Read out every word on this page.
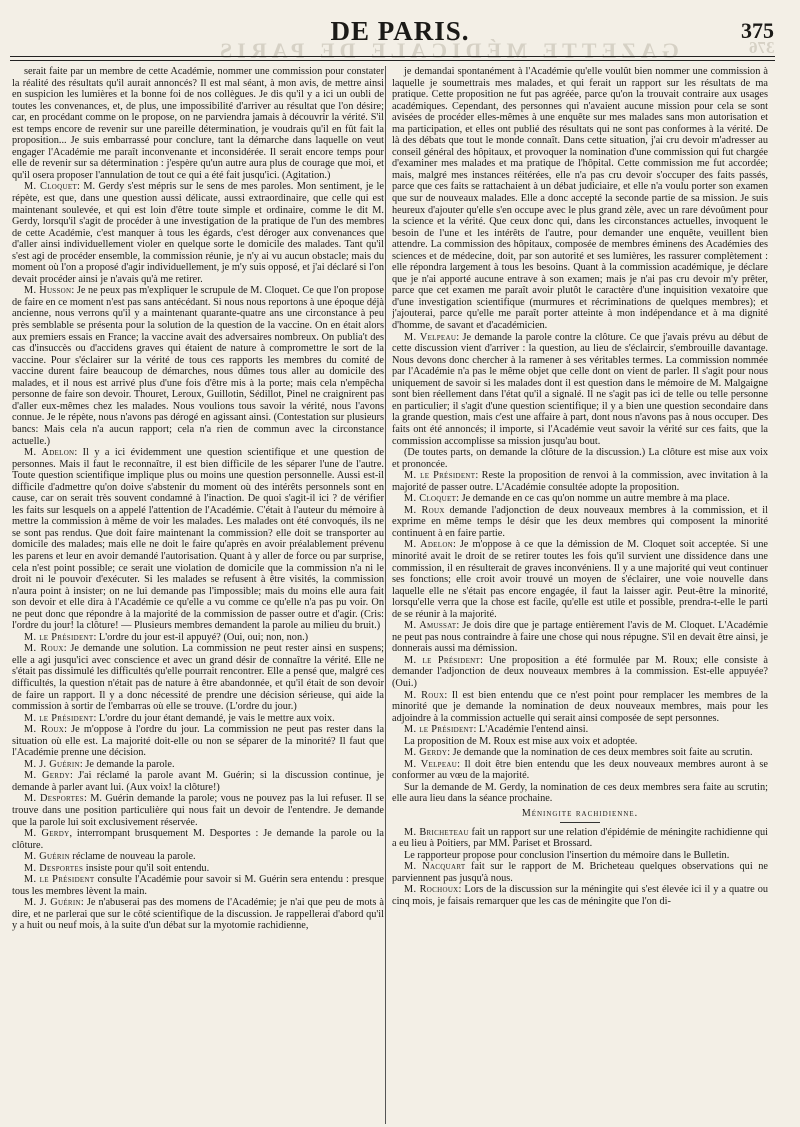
GAZETTE MÉDICALE DE PARIS	376
DE PARIS.	375

serait faite par un membre de cette Académie, nommer une commission pour constater la réalité des résultats qu'il aurait annoncés? Il est mal séant, à mon avis, de mettre ainsi en suspicion les lumières et la bonne foi de nos collègues. Je dis qu'il y a ici un oubli de toutes les convenances, et, de plus, une impossibilité d'arriver au résultat que l'on désire; car, en procédant comme on le propose, on ne parviendra jamais à découvrir la vérité. S'il est temps encore de revenir sur une pareille détermination, je voudrais qu'il en fût fait la proposition... Je suis embarrassé pour conclure, tant la démarche dans laquelle on veut engager l'Académie me paraît inconvenante et inconsidérée. Il serait encore temps pour elle de revenir sur sa détermination : j'espère qu'un autre aura plus de courage que moi, et qu'il osera proposer l'annulation de tout ce qui a été fait jusqu'ici. (Agitation.)

M. Cloquet: M. Gerdy s'est mépris sur le sens de mes paroles. Mon sentiment, je le répète, est que, dans une question aussi délicate, aussi extraordinaire, que celle qui est maintenant soulevée, et qui est loin d'être toute simple et ordinaire, comme le dit M. Gerdy, lorsqu'il s'agit de procéder à une investigation de la pratique de l'un des membres de cette Académie, c'est manquer à tous les égards, c'est déroger aux convenances que d'aller ainsi individuellement violer en quelque sorte le domicile des malades. Tant qu'il s'est agi de procéder ensemble, la commission réunie, je n'y ai vu aucun obstacle; mais du moment où l'on a proposé d'agir individuellement, je m'y suis opposé, et j'ai déclaré si l'on devait procéder ainsi je n'avais qu'à me retirer.

M. Husson: Je ne peux pas m'expliquer le scrupule de M. Cloquet. Ce que l'on propose de faire en ce moment n'est pas sans antécédant. Si nous nous reportons à une époque déjà ancienne, nous verrons qu'il y a maintenant quarante-quatre ans une circonstance à peu près semblable se présenta pour la solution de la question de la vaccine. On en était alors aux premiers essais en France; la vaccine avait des adversaires nombreux. On publia't des cas d'insuccès ou d'accidens graves qui étaient de nature à compromettre le sort de la vaccine. Pour s'éclairer sur la vérité de tous ces rapports les membres du comité de vaccine durent faire beaucoup de démarches, nous dûmes tous aller au domicile des malades, et il nous est arrivé plus d'une fois d'être mis à la porte; mais cela n'empêcha personne de faire son devoir. Thouret, Leroux, Guillotin, Sédillot, Pinel ne craignirent pas d'aller eux-mêmes chez les malades. Nous voulions tous savoir la vérité, nous l'avons connue. Je le répète, nous n'avons pas dérogé en agissant ainsi. (Contestation sur plusieurs bancs: Mais cela n'a aucun rapport; cela n'a rien de commun avec la circonstance actuelle.)

M. Adelon: Il y a ici évidemment une question scientifique et une question de personnes. Mais il faut le reconnaître, il est bien difficile de les séparer l'une de l'autre. Toute question scientifique implique plus ou moins une question personnelle. Aussi est-il difficile d'admettre qu'on doive s'abstenir du moment où des intérêts personnels sont en cause, car on serait très souvent condamné à l'inaction. De quoi s'agit-il ici ? de vérifier les faits sur lesquels on a appelé l'attention de l'Académie. C'était à l'auteur du mémoire à mettre la commission à même de voir les malades. Les malades ont été convoqués, ils ne se sont pas rendus. Que doit faire maintenant la commission? elle doit se transporter au domicile des malades; mais elle ne doit le faire qu'après en avoir préalablement prévenu les parens et leur en avoir demandé l'autorisation. Quant à y aller de force ou par surprise, cela n'est point possible; ce serait une violation de domicile que la commission n'a ni le droit ni le pouvoir d'exécuter. Si les malades se refusent à être visités, la commission n'aura point à insister; on ne lui demande pas l'impossible; mais du moins elle aura fait son devoir et elle dira à l'Académie ce qu'elle a vu comme ce qu'elle n'a pas pu voir. On ne peut donc que répondre à la majorité de la commission de passer outre et d'agir. (Cris: l'ordre du jour! la clôture! — Plusieurs membres demandent la parole au milieu du bruit.)

M. le Président: L'ordre du jour est-il appuyé? (Oui, oui; non, non.)

M. Roux: Je demande une solution. La commission ne peut rester ainsi en suspens; elle a agi jusqu'ici avec conscience et avec un grand désir de connaître la vérité. Elle ne s'était pas dissimulé les difficultés qu'elle pourrait rencontrer. Elle a pensé que, malgré ces difficultés, la question n'était pas de nature à être abandonnée, et qu'il était de son devoir de faire un rapport. Il y a donc nécessité de prendre une décision sérieuse, qui aide la commission à sortir de l'embarras où elle se trouve. (L'ordre du jour.)

M. le Président: L'ordre du jour étant demandé, je vais le mettre aux voix.

M. Roux: Je m'oppose à l'ordre du jour. La commission ne peut pas rester dans la situation où elle est. La majorité doit-elle ou non se séparer de la minorité? Il faut que l'Académie prenne une décision.

M. J. Guérin: Je demande la parole.

M. Gerdy: J'ai réclamé la parole avant M. Guérin; si la discussion continue, je demande à parler avant lui. (Aux voix! la clôture!)

M. Desportes: M. Guérin demande la parole; vous ne pouvez pas la lui refuser. Il se trouve dans une position particulière qui nous fait un devoir de l'entendre. Je demande que la parole lui soit exclusivement réservée.

M. Gerdy, interrompant brusquement M. Desportes : Je demande la parole ou la clôture.

M. Guérin réclame de nouveau la parole.

M. Desportes insiste pour qu'il soit entendu.

M. le Président consulte l'Académie pour savoir si M. Guérin sera entendu : presque tous les membres lèvent la main.

M. J. Guérin: Je n'abuserai pas des momens de l'Académie; je n'ai que peu de mots à dire, et ne parlerai que sur le côté scientifique de la discussion. Je rappellerai d'abord qu'il y a huit ou neuf mois, à la suite d'un débat sur la myotomie rachidienne,

je demandai spontanément à l'Académie qu'elle voulût bien nommer une commission à laquelle je soumettrais mes malades, et qui ferait un rapport sur les résultats de ma pratique. Cette proposition ne fut pas agréée, parce qu'on la trouvait contraire aux usages académiques. Cependant, des personnes qui n'avaient aucune mission pour cela se sont avisées de procéder elles-mêmes à une enquête sur mes malades sans mon autorisation et ma participation, et elles ont publié des résultats qui ne sont pas conformes à la vérité. De là des débats que tout le monde connaît. Dans cette situation, j'ai cru devoir m'adresser au conseil général des hôpitaux, et provoquer la nomination d'une commission qui fut chargée d'examiner mes malades et ma pratique de l'hôpital. Cette commission me fut accordée; mais, malgré mes instances réitérées, elle n'a pas cru devoir s'occuper des faits passés, parce que ces faits se rattachaient à un débat judiciaire, et elle n'a voulu porter son examen que sur de nouveaux malades. Elle a donc accepté la seconde partie de sa mission. Je suis heureux d'ajouter qu'elle s'en occupe avec le plus grand zèle, avec un rare dévoûment pour la science et la vérité. Que ceux donc qui, dans les circonstances actuelles, invoquent le besoin de l'une et les intérêts de l'autre, pour demander une enquête, veuillent bien attendre. La commission des hôpitaux, composée de membres éminens des Académies des sciences et de médecine, doit, par son autorité et ses lumières, les rassurer complètement : elle répondra largement à tous les besoins. Quant à la commission académique, je déclare que je n'ai apporté aucune entrave à son examen; mais je n'ai pas cru devoir m'y prêter, parce que cet examen me paraît avoir plutôt le caractère d'une inquisition vexatoire que d'une investigation scientifique (murmures et récriminations de quelques membres); et j'ajouterai, parce qu'elle me paraît porter atteinte à mon indépendance et à ma dignité d'homme, de savant et d'académicien.

M. Velpeau: Je demande la parole contre la clôture. Ce que j'avais prévu au début de cette discussion vient d'arriver : la question, au lieu de s'éclaircir, s'embrouille davantage. Nous devons donc chercher à la ramener à ses véritables termes. La commission nommée par l'Académie n'a pas le même objet que celle dont on vient de parler. Il s'agit pour nous uniquement de savoir si les malades dont il est question dans le mémoire de M. Malgaigne sont bien réellement dans l'état qu'il a signalé. Il ne s'agit pas ici de telle ou telle personne en particulier; il s'agit d'une question scientifique; il y a bien une question secondaire dans la grande question, mais c'est une affaire à part, dont nous n'avons pas à nous occuper. Des faits ont été annoncés; il importe, si l'Académie veut savoir la vérité sur ces faits, que la commission accomplisse sa mission jusqu'au bout.

(De toutes parts, on demande la clôture de la discussion.) La clôture est mise aux voix et prononcée.

M. le Président: Reste la proposition de renvoi à la commission, avec invitation à la majorité de passer outre. L'Académie consultée adopte la proposition.

M. Cloquet: Je demande en ce cas qu'on nomme un autre membre à ma place.

M. Roux demande l'adjonction de deux nouveaux membres à la commission, et il exprime en même temps le désir que les deux membres qui composent la minorité continuent à en faire partie.

M. Adelon: Je m'oppose à ce que la démission de M. Cloquet soit acceptée. Si une minorité avait le droit de se retirer toutes les fois qu'il survient une dissidence dans une commission, il en résulterait de graves inconvéniens. Il y a une majorité qui veut continuer ses fonctions; elle croit avoir trouvé un moyen de s'éclairer, une voie nouvelle dans laquelle elle ne s'était pas encore engagée, il faut la laisser agir. Peut-être la minorité, lorsqu'elle verra que la chose est facile, qu'elle est utile et possible, prendra-t-elle le parti de se réunir à la majorité.

M. Amussat: Je dois dire que je partage entièrement l'avis de M. Cloquet. L'Académie ne peut pas nous contraindre à faire une chose qui nous répugne. S'il en devait être ainsi, je donnerais aussi ma démission.

M. le Président: Une proposition a été formulée par M. Roux; elle consiste à demander l'adjonction de deux nouveaux membres à la commission. Est-elle appuyée? (Oui.)

M. Roux: Il est bien entendu que ce n'est point pour remplacer les membres de la minorité que je demande la nomination de deux nouveaux membres, mais pour les adjoindre à la commission actuelle qui serait ainsi composée de sept personnes.

M. le Président: L'Académie l'entend ainsi.

La proposition de M. Roux est mise aux voix et adoptée.

M. Gerdy: Je demande que la nomination de ces deux membres soit faite au scrutin.

M. Velpeau: Il doit être bien entendu que les deux nouveaux membres auront à se conformer au vœu de la majorité.

Sur la demande de M. Gerdy, la nomination de ces deux membres sera faite au scrutin; elle aura lieu dans la séance prochaine.

Méningite rachidienne.

M. Bricheteau fait un rapport sur une relation d'épidémie de méningite rachidienne qui a eu lieu à Poitiers, par MM. Pariset et Brossard.

Le rapporteur propose pour conclusion l'insertion du mémoire dans le Bulletin.

M. Nacquart fait sur le rapport de M. Bricheteau quelques observations qui ne parviennent pas jusqu'à nous.

M. Rochoux: Lors de la discussion sur la méningite qui s'est élevée ici il y a quatre ou cinq mois, je faisais remarquer que les cas de méningite que l'on di-
